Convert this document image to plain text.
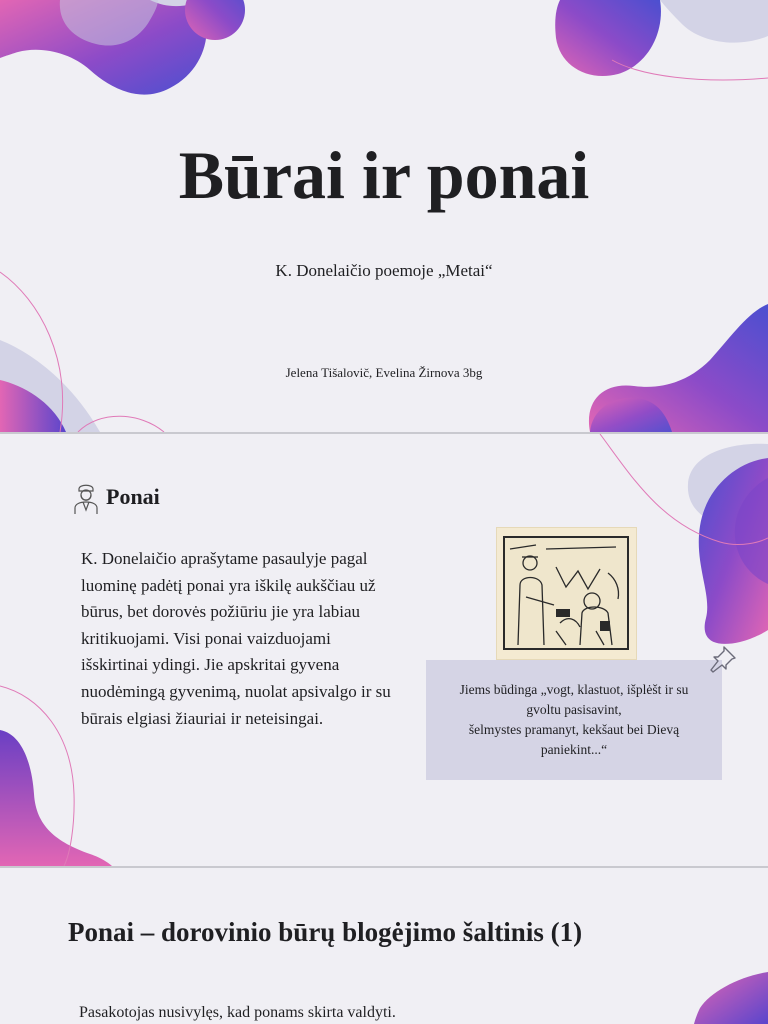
Būrai ir ponai
K. Donelaičio poemoje „Metai“
Jelena Tišalovič, Evelina Žirnova 3bg
Ponai
K. Donelaičio aprašytame pasaulyje pagal luominę padėtį ponai yra iškilę aukščiau už būrus, bet dorovės požiūriu jie yra labiau kritikuojami. Visi ponai vaizduojami išskirtinai ydingi. Jie apskritai gyvena nuodėmingą gyvenimą, nuolat apsivalgo ir su būrais elgiasi žiauriai ir neteisingai.
Jiems būdinga „vogt, klastuot, išplėšt ir su
gvoltu pasisavint,
šelmystes pramanyt, kekšaut bei Dievą
paniekint...“
Ponai – dorovinio būrų blogėjimo šaltinis (1)
Pasakotojas nusivylęs, kad ponams skirta valdyti.
